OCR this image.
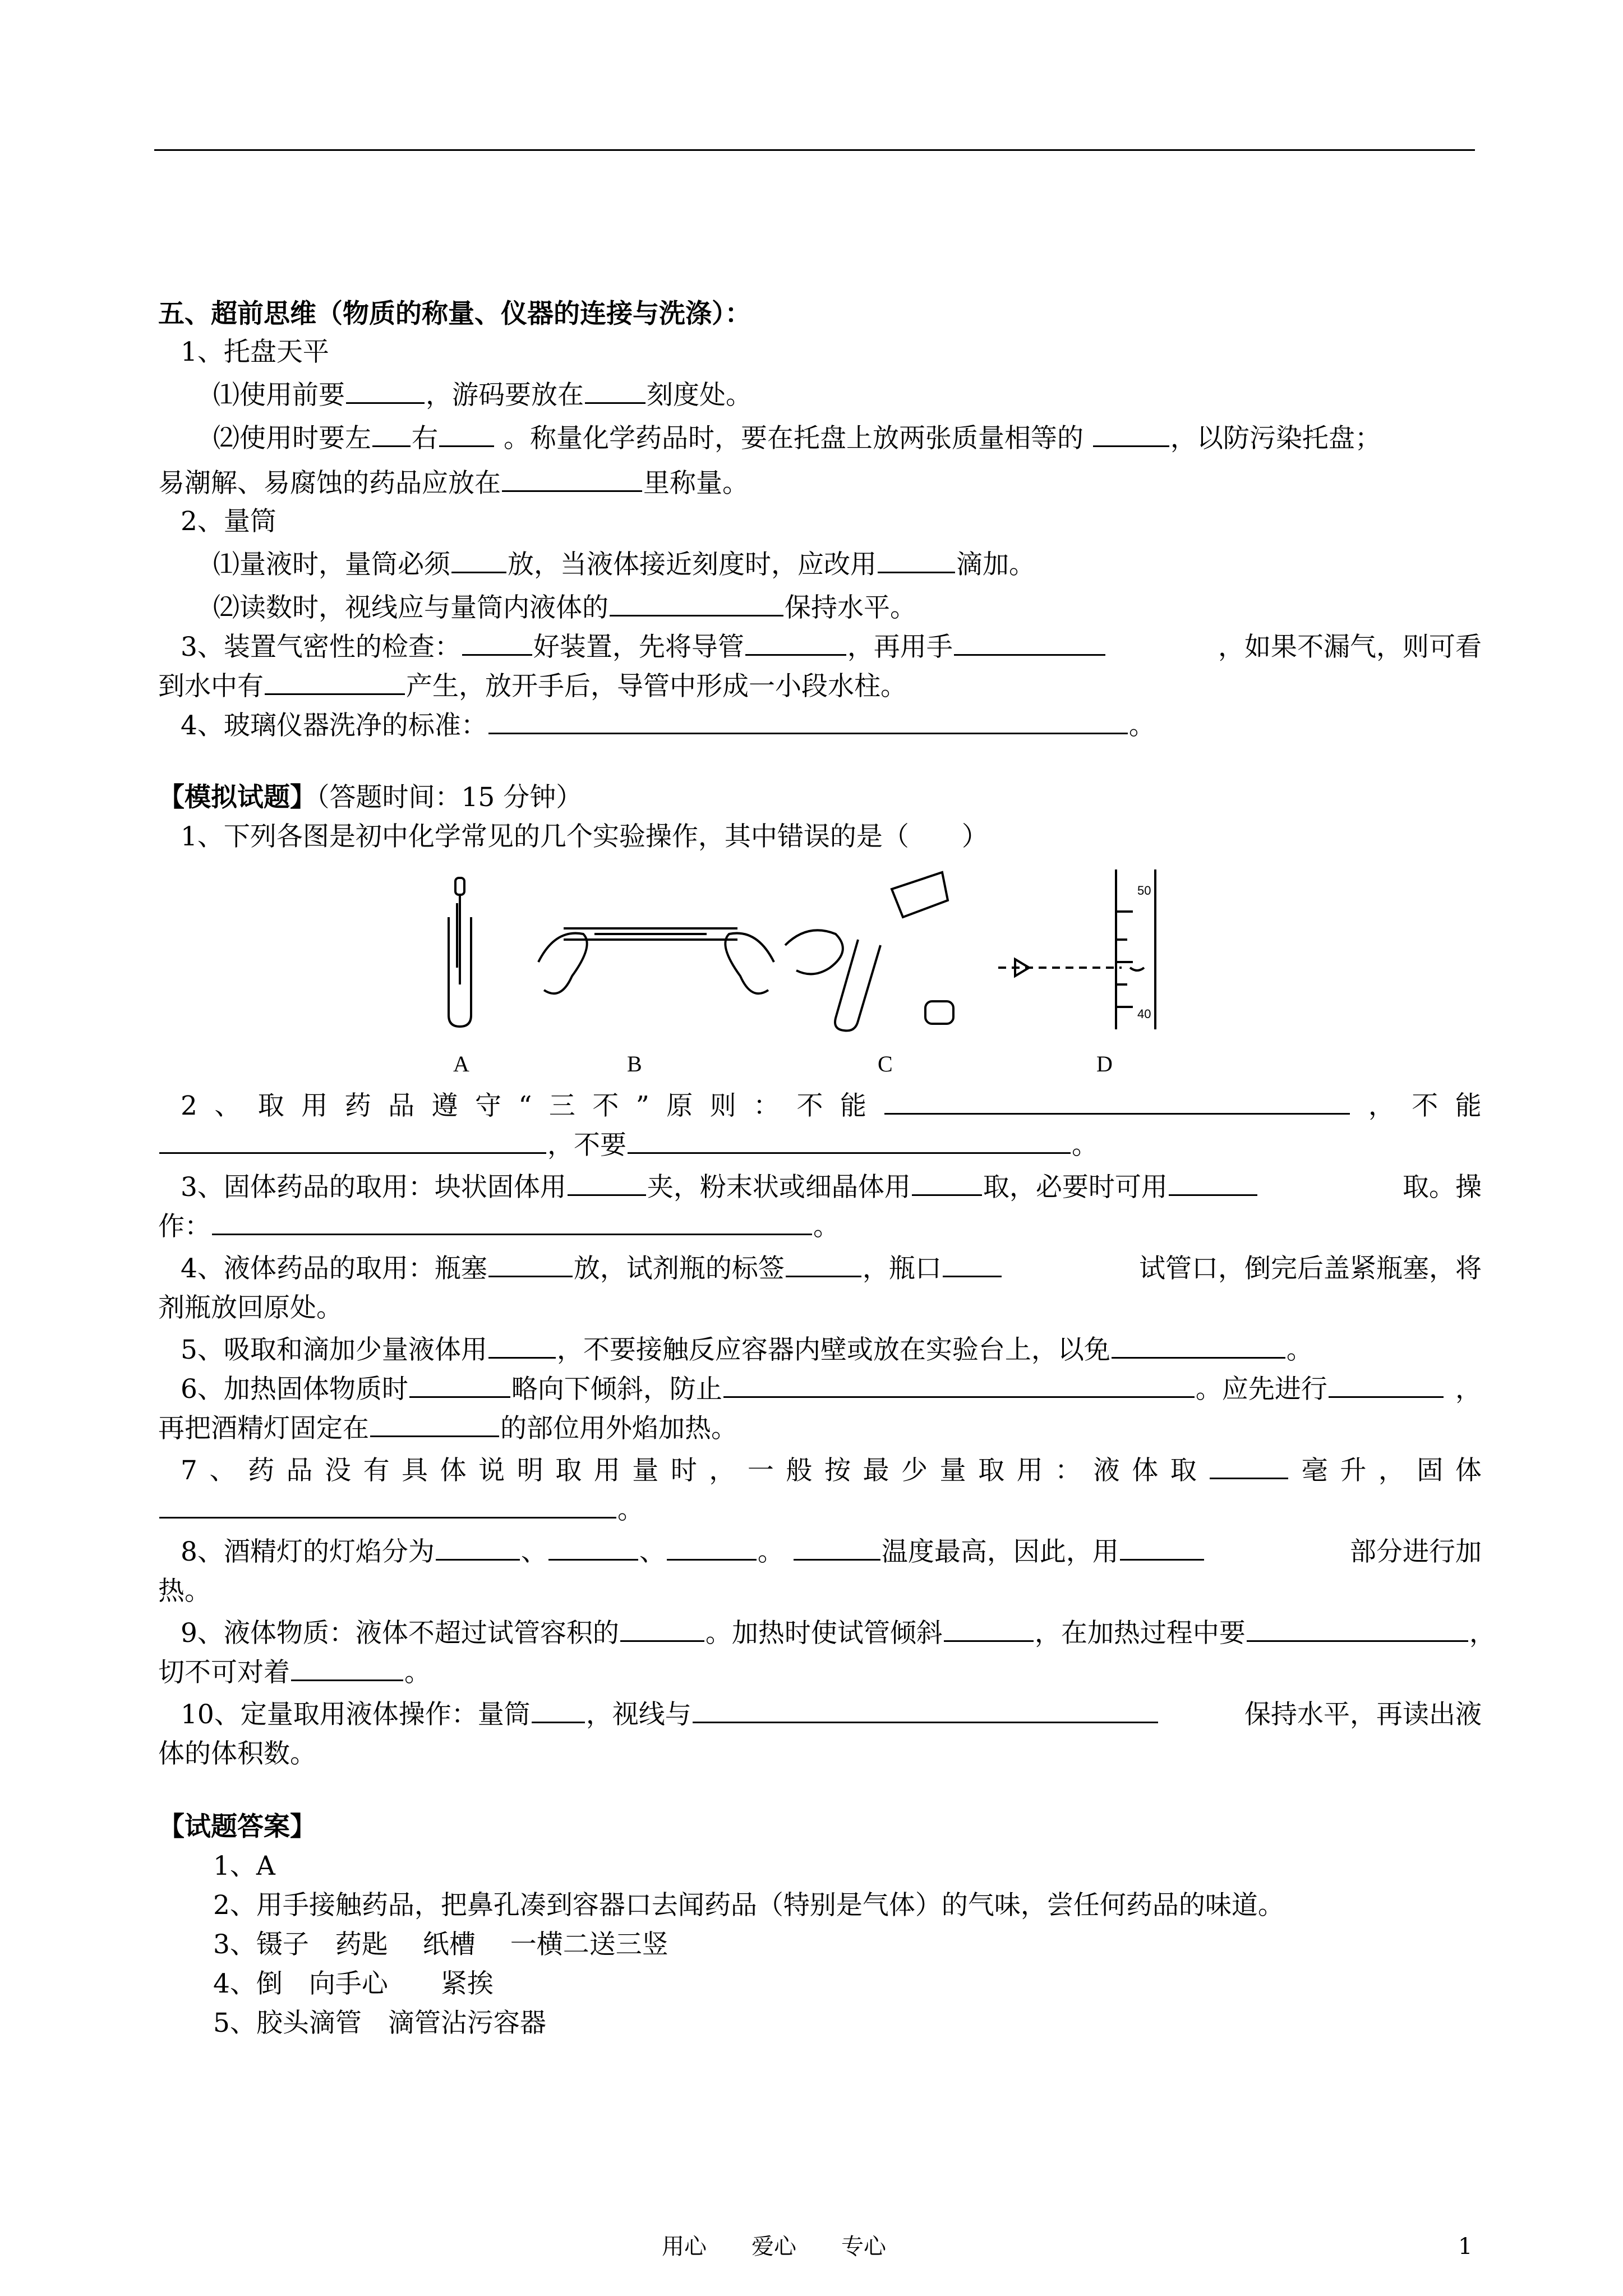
五、超前思维（物质的称量、仪器的连接与洗涤）：
1、托盘天平
⑴使用前要	，游码要放在 刻度处。
⑵使用时要左 右 。称量化学药品时，要在托盘上放两张质量相等的	，以防污染托盘；
易潮解、易腐蚀的药品应放在	里称量。
2、量筒
⑴量液时，量筒必须 放，当液体接近刻度时，应改用	滴加。
⑵读数时，视线应与量筒内液体的	保持水平。
3、装置气密性的检查：	好装置，先将导管	，再用手	，如果不漏气，则可看
到水中有	产生，放开手后，导管中形成一小段水柱。
4、玻璃仪器洗净的标准：	。
【模拟试题】（答题时间：15 分钟）
1、下列各图是初中化学常见的几个实验操作，其中错误的是（　　）
50
40
A	B	C	D
2 、 取 用 药 品 遵 守 “ 三 不 ” 原 则 ： 不 能	， 不 能
，不要	。
3、固体药品的取用：块状固体用	夹，粉末状或细晶体用	取，必要时可用	取。操
作：	。
4、液体药品的取用：瓶塞	放，试剂瓶的标签	，瓶口	试管口，倒完后盖紧瓶塞，将
剂瓶放回原处。
5、吸取和滴加少量液体用	，不要接触反应容器内壁或放在实验台上，以免	。
6、加热固体物质时	略向下倾斜，防止	。应先进行	，
再把酒精灯固定在	的部位用外焰加热。
7 、 药 品 没 有 具 体 说 明 取 用 量 时 ， 一 般 按 最 少 量 取 用 ： 液 体 取	毫 升 ， 固 体
。
8、酒精灯的灯焰分为	、	、	。	温度最高，因此，用	部分进行加
热。
9、液体物质：液体不超过试管容积的	。加热时使试管倾斜	，在加热过程中要	，
切不可对着	。
10、定量取用液体操作：量筒 ，视线与	保持水平，再读出液
体的体积数。
【试题答案】
1、A
2、用手接触药品，把鼻孔凑到容器口去闻药品（特别是气体）的气味，尝任何药品的味道。
3、镊子　药匙　 纸槽　 一横二送三竖
4、倒　向手心　　紧挨
5、胶头滴管　滴管沾污容器
用心　　爱心　　专心	1
